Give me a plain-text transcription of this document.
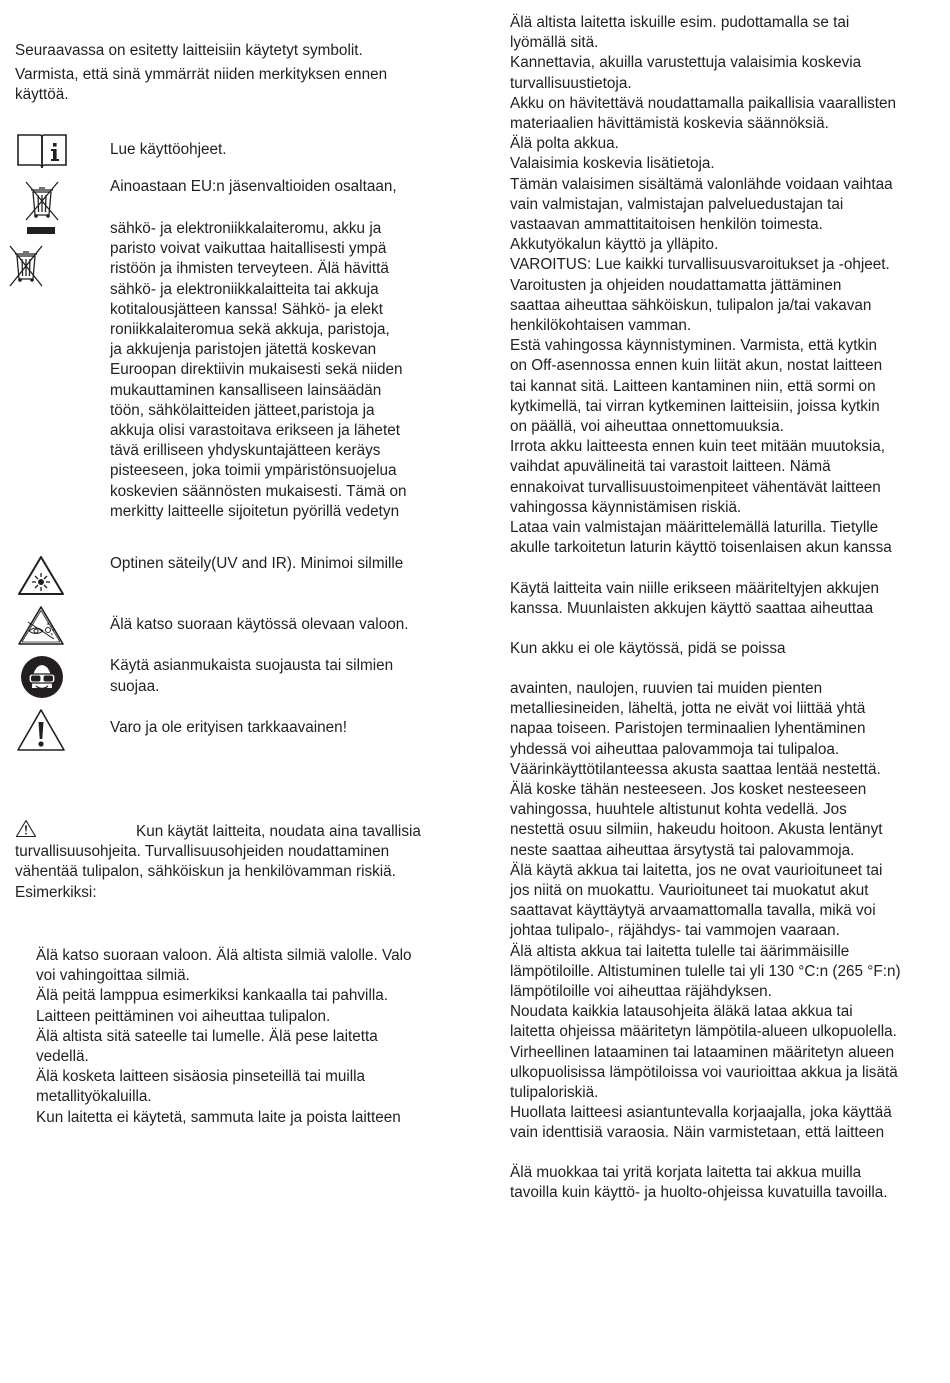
Seuraavassa on esitetty laitteisiin käytetyt symbolit.

Varmista, että sinä ymmärrät niiden merkityksen ennen käyttöä.

Lue käyttöohjeet.
Ainoastaan EU:n jäsenvaltioiden osaltaan,

sähkö- ja elektroniikkalaiteromu, akku ja

paristo voivat vaikuttaa haitallisesti ympä

ristöön ja ihmisten terveyteen. Älä hävittä

sähkö- ja elektroniikkalaitteita tai akkuja

kotitalousjätteen kanssa! Sähkö- ja elekt

roniikkalaiteromua sekä akkuja, paristoja,

ja akkujenja paristojen jätettä koskevan

Euroopan direktiivin mukaisesti sekä niiden

mukauttaminen kansalliseen lainsäädän

töön, sähkölaitteiden jätteet,paristoja ja

akkuja olisi varastoitava erikseen ja lähetet

tävä erilliseen yhdyskuntajätteen keräys

pisteeseen, joka toimii ympäristönsuojelua

koskevien säännösten mukaisesti. Tämä on

merkitty laitteelle sijoitetun pyörillä vedetyn

Optinen säteily(UV and IR). Minimoi silmille
Älä katso suoraan käytössä olevaan valoon.

Käytä asianmukaista suojausta tai silmien

suojaa.

Varo ja ole erityisen tarkkaavainen!

Kun käytät laitteita, noudata aina tavallisia

turvallisuusohjeita. Turvallisuusohjeiden noudattaminen

vähentää tulipalon, sähköiskun ja henkilövamman riskiä.

Esimerkiksi:

Älä katso suoraan valoon. Älä altista silmiä valolle. Valo

voi vahingoittaa silmiä.

Älä peitä lamppua esimerkiksi kankaalla tai pahvilla.

Laitteen peittäminen voi aiheuttaa tulipalon.

Älä altista sitä sateelle tai lumelle. Älä pese laitetta

vedellä.

Älä kosketa laitteen sisäosia pinseteillä tai muilla

metallityökaluilla.

Kun laitetta ei käytetä, sammuta laite ja poista laitteen

Älä altista laitetta iskuille esim. pudottamalla se tai

lyömällä sitä.

Kannettavia, akuilla varustettuja valaisimia koskevia

turvallisuustietoja.

Akku on hävitettävä noudattamalla paikallisia vaarallisten

materiaalien hävittämistä koskevia säännöksiä.

Älä polta akkua.

Valaisimia koskevia lisätietoja.

Tämän valaisimen sisältämä valonlähde voidaan vaihtaa

vain valmistajan, valmistajan palveluedustajan tai

vastaavan ammattitaitoisen henkilön toimesta.

Akkutyökalun käyttö ja ylläpito.

VAROITUS: Lue kaikki turvallisuusvaroitukset ja -ohjeet.

Varoitusten ja ohjeiden noudattamatta jättäminen

saattaa aiheuttaa sähköiskun, tulipalon ja/tai vakavan

henkilökohtaisen vamman.

Estä vahingossa käynnistyminen. Varmista, että kytkin

on Off-asennossa ennen kuin liität akun, nostat laitteen

tai kannat sitä. Laitteen kantaminen niin, että sormi on

kytkimellä, tai virran kytkeminen laitteisiin, joissa kytkin

on päällä, voi aiheuttaa onnettomuuksia.

Irrota akku laitteesta ennen kuin teet mitään muutoksia,

vaihdat apuvälineitä tai varastoit laitteen. Nämä

ennakoivat turvallisuustoimenpiteet vähentävät laitteen

vahingossa käynnistämisen riskiä.

Lataa vain valmistajan määrittelemällä laturilla. Tietylle

akulle tarkoitetun laturin käyttö toisenlaisen akun kanssa

Käytä laitteita vain niille erikseen määriteltyjen akkujen

kanssa. Muunlaisten akkujen käyttö saattaa aiheuttaa

Kun akku ei ole käytössä, pidä se poissa

avainten, naulojen, ruuvien tai muiden pienten

metalliesineiden, läheltä, jotta ne eivät voi liittää yhtä

napaa toiseen. Paristojen terminaalien lyhentäminen

yhdessä voi aiheuttaa palovammoja tai tulipaloa.

Väärinkäyttötilanteessa akusta saattaa lentää nestettä.

Älä koske tähän nesteeseen. Jos kosket nesteeseen

vahingossa, huuhtele altistunut kohta vedellä. Jos

nestettä osuu silmiin, hakeudu hoitoon. Akusta lentänyt

neste saattaa aiheuttaa ärsytystä tai palovammoja.

Älä käytä akkua tai laitetta, jos ne ovat vaurioituneet tai

jos niitä on muokattu. Vaurioituneet tai muokatut akut

saattavat käyttäytyä arvaamattomalla tavalla, mikä voi

johtaa tulipalo-, räjähdys- tai vammojen vaaraan.

Älä altista akkua tai laitetta tulelle tai äärimmäisille

lämpötiloille. Altistuminen tulelle tai yli 130 °C:n (265 °F:n)

lämpötiloille voi aiheuttaa räjähdyksen.

Noudata kaikkia latausohjeita äläkä lataa akkua tai

laitetta ohjeissa määritetyn lämpötila-alueen ulkopuolella.

Virheellinen lataaminen tai lataaminen määritetyn alueen

ulkopuolisissa lämpötiloissa voi vaurioittaa akkua ja lisätä

tulipaloriskiä.

Huollata laitteesi asiantuntevalla korjaajalla, joka käyttää

vain identtisiä varaosia. Näin varmistetaan, että laitteen

Älä muokkaa tai yritä korjata laitetta tai akkua muilla

tavoilla kuin käyttö- ja huolto-ohjeissa kuvatuilla tavoilla.
